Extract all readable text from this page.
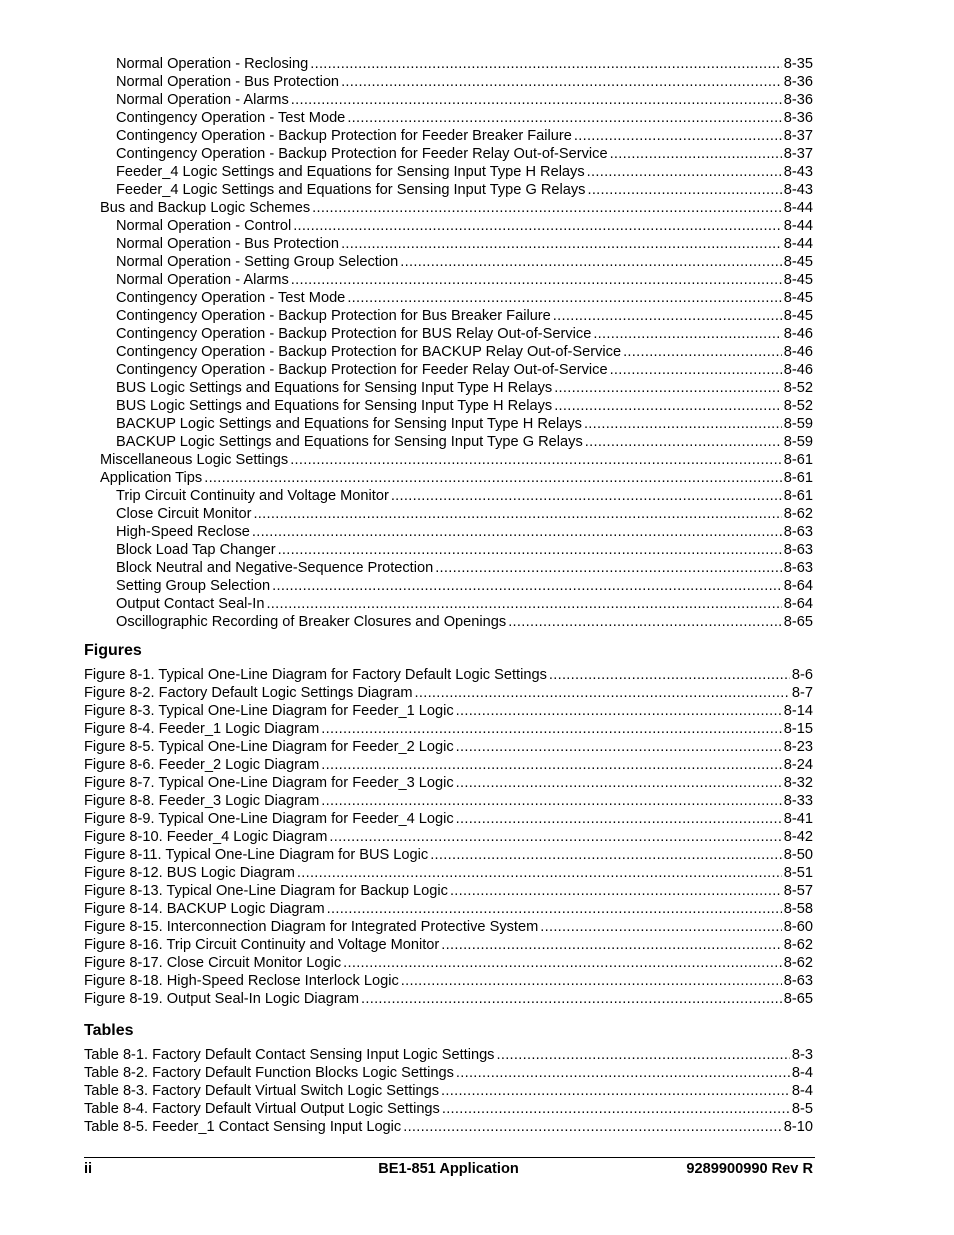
Normal Operation - Reclosing .....	8-35
Normal Operation - Bus Protection .....	8-36
Normal Operation - Alarms .....	8-36
Contingency Operation - Test Mode .....	8-36
Contingency Operation - Backup Protection for Feeder Breaker Failure .....	8-37
Contingency Operation - Backup Protection for Feeder Relay Out-of-Service .....	8-37
Feeder_4 Logic Settings and Equations for Sensing Input Type H Relays .....	8-43
Feeder_4 Logic Settings and Equations for Sensing Input Type G Relays .....	8-43
Bus and Backup Logic Schemes .....	8-44
Normal Operation - Control .....	8-44
Normal Operation - Bus Protection .....	8-44
Normal Operation - Setting Group Selection .....	8-45
Normal Operation - Alarms .....	8-45
Contingency Operation - Test Mode .....	8-45
Contingency Operation - Backup Protection for Bus Breaker Failure .....	8-45
Contingency Operation - Backup Protection for BUS Relay Out-of-Service .....	8-46
Contingency Operation - Backup Protection for BACKUP Relay Out-of-Service .....	8-46
Contingency Operation - Backup Protection for Feeder Relay Out-of-Service .....	8-46
BUS Logic Settings and Equations for Sensing Input Type H Relays .....	8-52
BUS Logic Settings and Equations for Sensing Input Type H Relays .....	8-52
BACKUP Logic Settings and Equations for Sensing Input Type H Relays .....	8-59
BACKUP Logic Settings and Equations for Sensing Input Type G Relays .....	8-59
Miscellaneous Logic Settings .....	8-61
Application Tips .....	8-61
Trip Circuit Continuity and Voltage Monitor .....	8-61
Close Circuit Monitor .....	8-62
High-Speed Reclose .....	8-63
Block Load Tap Changer .....	8-63
Block Neutral and Negative-Sequence Protection .....	8-63
Setting Group Selection .....	8-64
Output Contact Seal-In .....	8-64
Oscillographic Recording of Breaker Closures and Openings .....	8-65
Figures
Figure 8-1. Typical One-Line Diagram for Factory Default Logic Settings .....	8-6
Figure 8-2. Factory Default Logic Settings Diagram .....	8-7
Figure 8-3. Typical One-Line Diagram for Feeder_1 Logic .....	8-14
Figure 8-4. Feeder_1 Logic Diagram .....	8-15
Figure 8-5. Typical One-Line Diagram for Feeder_2 Logic .....	8-23
Figure 8-6. Feeder_2 Logic Diagram .....	8-24
Figure 8-7. Typical One-Line Diagram for Feeder_3 Logic .....	8-32
Figure 8-8. Feeder_3 Logic Diagram .....	8-33
Figure 8-9. Typical One-Line Diagram for Feeder_4 Logic .....	8-41
Figure 8-10. Feeder_4 Logic Diagram .....	8-42
Figure 8-11. Typical One-Line Diagram for BUS Logic .....	8-50
Figure 8-12. BUS Logic Diagram .....	8-51
Figure 8-13. Typical One-Line Diagram for Backup Logic .....	8-57
Figure 8-14. BACKUP Logic Diagram .....	8-58
Figure 8-15. Interconnection Diagram for Integrated Protective System .....	8-60
Figure 8-16. Trip Circuit Continuity and Voltage Monitor .....	8-62
Figure 8-17. Close Circuit Monitor Logic .....	8-62
Figure 8-18. High-Speed Reclose Interlock Logic .....	8-63
Figure 8-19. Output Seal-In Logic Diagram .....	8-65
Tables
Table 8-1. Factory Default Contact Sensing Input Logic Settings .....	8-3
Table 8-2. Factory Default Function Blocks Logic Settings .....	8-4
Table 8-3. Factory Default Virtual Switch Logic Settings .....	8-4
Table 8-4. Factory Default Virtual Output Logic Settings .....	8-5
Table 8-5. Feeder_1 Contact Sensing Input Logic .....	8-10
ii	BE1-851 Application	9289900990 Rev R
